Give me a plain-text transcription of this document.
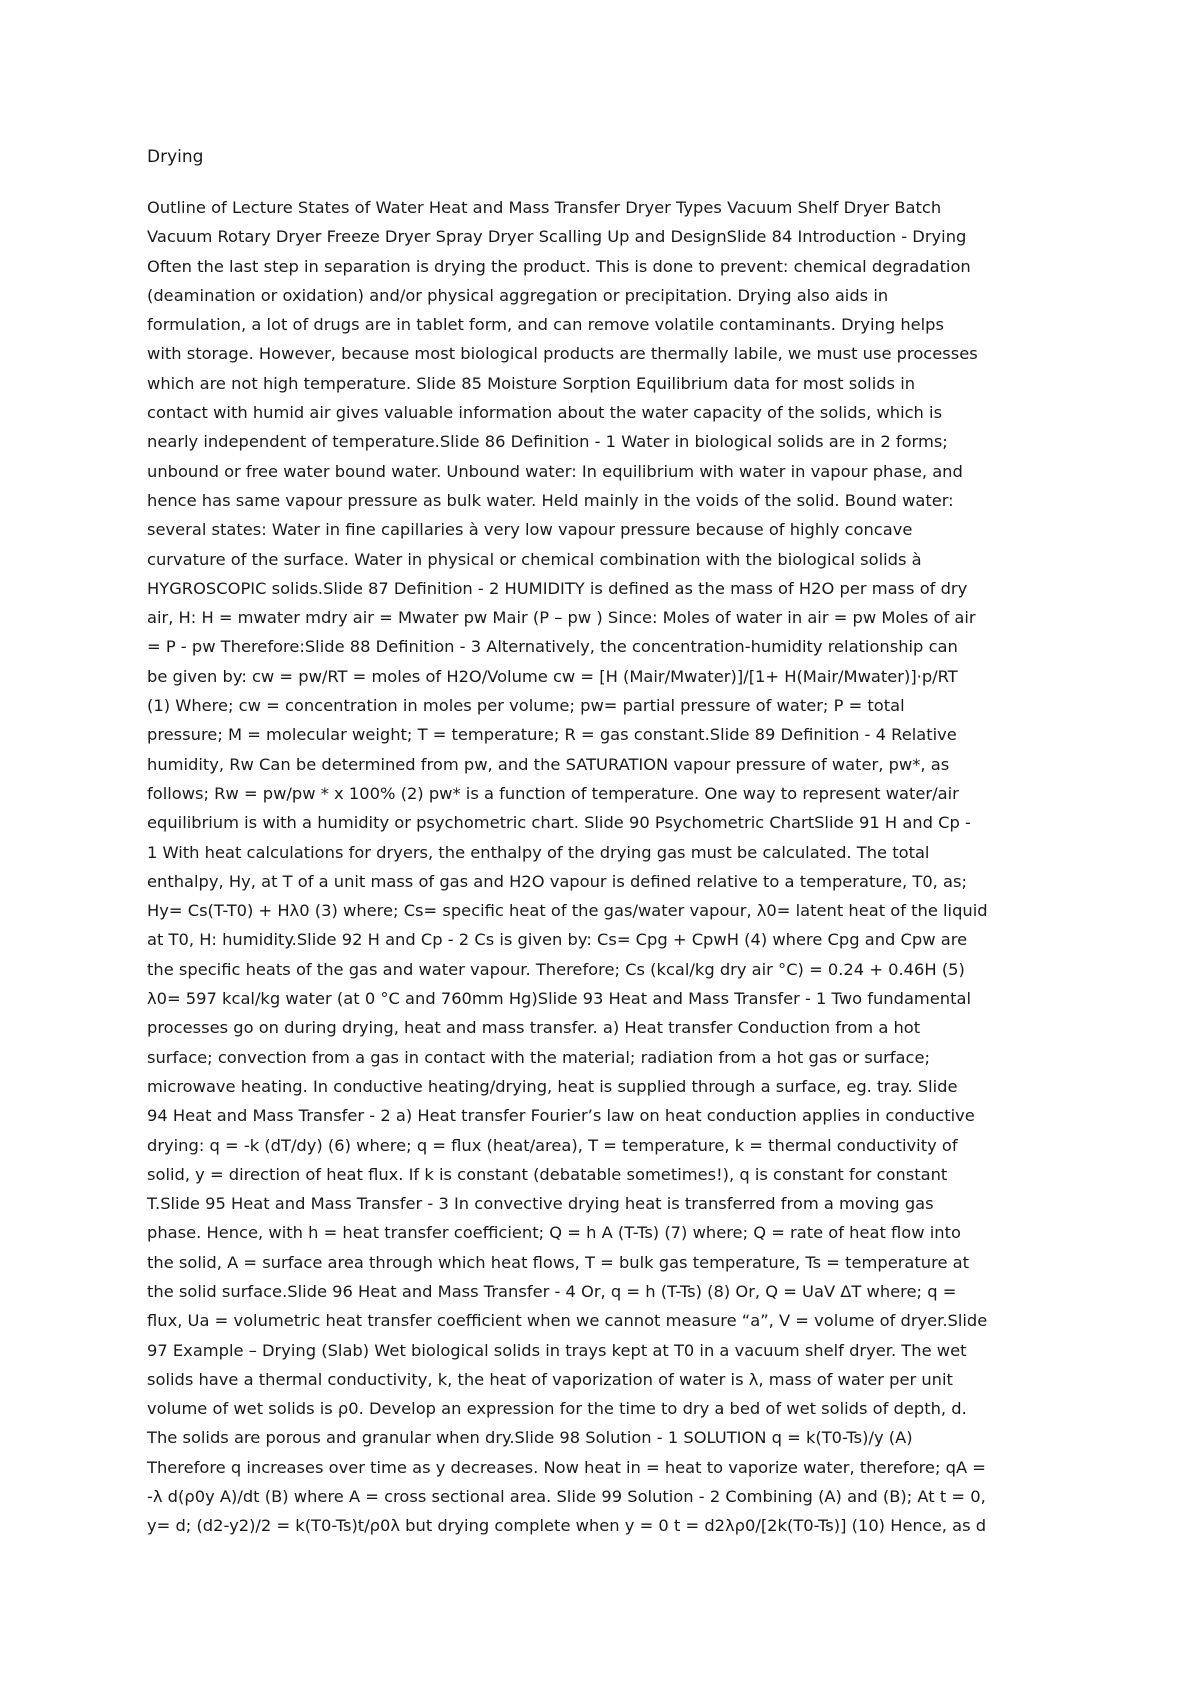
Drying
Outline of Lecture States of Water Heat and Mass Transfer Dryer Types Vacuum Shelf Dryer Batch
Vacuum Rotary Dryer Freeze Dryer Spray Dryer Scalling Up and DesignSlide 84 Introduction - Drying
Often the last step in separation is drying the product. This is done to prevent: chemical degradation
(deamination or oxidation) and/or physical aggregation or precipitation. Drying also aids in
formulation, a lot of drugs are in tablet form, and can remove volatile contaminants. Drying helps
with storage. However, because most biological products are thermally labile, we must use processes
which are not high temperature. Slide 85 Moisture Sorption Equilibrium data for most solids in
contact with humid air gives valuable information about the water capacity of the solids, which is
nearly independent of temperature.Slide 86 Definition - 1 Water in biological solids are in 2 forms;
unbound or free water bound water. Unbound water: In equilibrium with water in vapour phase, and
hence has same vapour pressure as bulk water. Held mainly in the voids of the solid. Bound water:
several states: Water in fine capillaries à very low vapour pressure because of highly concave
curvature of the surface. Water in physical or chemical combination with the biological solids à
HYGROSCOPIC solids.Slide 87 Definition - 2 HUMIDITY is defined as the mass of H2O per mass of dry
air, H: H = mwater mdry air = Mwater pw Mair (P – pw ) Since: Moles of water in air = pw Moles of air
= P - pw Therefore:Slide 88 Definition - 3 Alternatively, the concentration-humidity relationship can
be given by: cw = pw/RT = moles of H2O/Volume cw = [H (Mair/Mwater)]/[1+ H(Mair/Mwater)]·p/RT
(1) Where; cw = concentration in moles per volume; pw= partial pressure of water; P = total
pressure; M = molecular weight; T = temperature; R = gas constant.Slide 89 Definition - 4 Relative
humidity, Rw Can be determined from pw, and the SATURATION vapour pressure of water, pw*, as
follows; Rw = pw/pw * x 100% (2) pw* is a function of temperature. One way to represent water/air
equilibrium is with a humidity or psychometric chart. Slide 90 Psychometric ChartSlide 91 H and Cp -
1 With heat calculations for dryers, the enthalpy of the drying gas must be calculated. The total
enthalpy, Hy, at T of a unit mass of gas and H2O vapour is defined relative to a temperature, T0, as;
Hy= Cs(T-T0) + Hλ0 (3) where; Cs= specific heat of the gas/water vapour, λ0= latent heat of the liquid
at T0, H: humidity.Slide 92 H and Cp - 2 Cs is given by: Cs= Cpg + CpwH (4) where Cpg and Cpw are
the specific heats of the gas and water vapour. Therefore; Cs (kcal/kg dry air °C) = 0.24 + 0.46H (5)
λ0= 597 kcal/kg water (at 0 °C and 760mm Hg)Slide 93 Heat and Mass Transfer - 1 Two fundamental
processes go on during drying, heat and mass transfer. a) Heat transfer Conduction from a hot
surface; convection from a gas in contact with the material; radiation from a hot gas or surface;
microwave heating. In conductive heating/drying, heat is supplied through a surface, eg. tray. Slide
94 Heat and Mass Transfer - 2 a) Heat transfer Fourier’s law on heat conduction applies in conductive
drying: q = -k (dT/dy) (6) where; q = flux (heat/area), T = temperature, k = thermal conductivity of
solid, y = direction of heat flux. If k is constant (debatable sometimes!), q is constant for constant
T.Slide 95 Heat and Mass Transfer - 3 In convective drying heat is transferred from a moving gas
phase. Hence, with h = heat transfer coefficient; Q = h A (T-Ts) (7) where; Q = rate of heat flow into
the solid, A = surface area through which heat flows, T = bulk gas temperature, Ts = temperature at
the solid surface.Slide 96 Heat and Mass Transfer - 4 Or, q = h (T-Ts) (8) Or, Q = UaV ΔT where; q =
flux, Ua = volumetric heat transfer coefficient when we cannot measure “a”, V = volume of dryer.Slide
97 Example – Drying (Slab) Wet biological solids in trays kept at T0 in a vacuum shelf dryer. The wet
solids have a thermal conductivity, k, the heat of vaporization of water is λ, mass of water per unit
volume of wet solids is ρ0. Develop an expression for the time to dry a bed of wet solids of depth, d.
The solids are porous and granular when dry.Slide 98 Solution - 1 SOLUTION q = k(T0-Ts)/y (A)
Therefore q increases over time as y decreases. Now heat in = heat to vaporize water, therefore; qA =
-λ d(ρ0y A)/dt (B) where A = cross sectional area. Slide 99 Solution - 2 Combining (A) and (B); At t = 0,
y= d; (d2-y2)/2 = k(T0-Ts)t/ρ0λ but drying complete when y = 0 t = d2λρ0/[2k(T0-Ts)] (10) Hence, as d
